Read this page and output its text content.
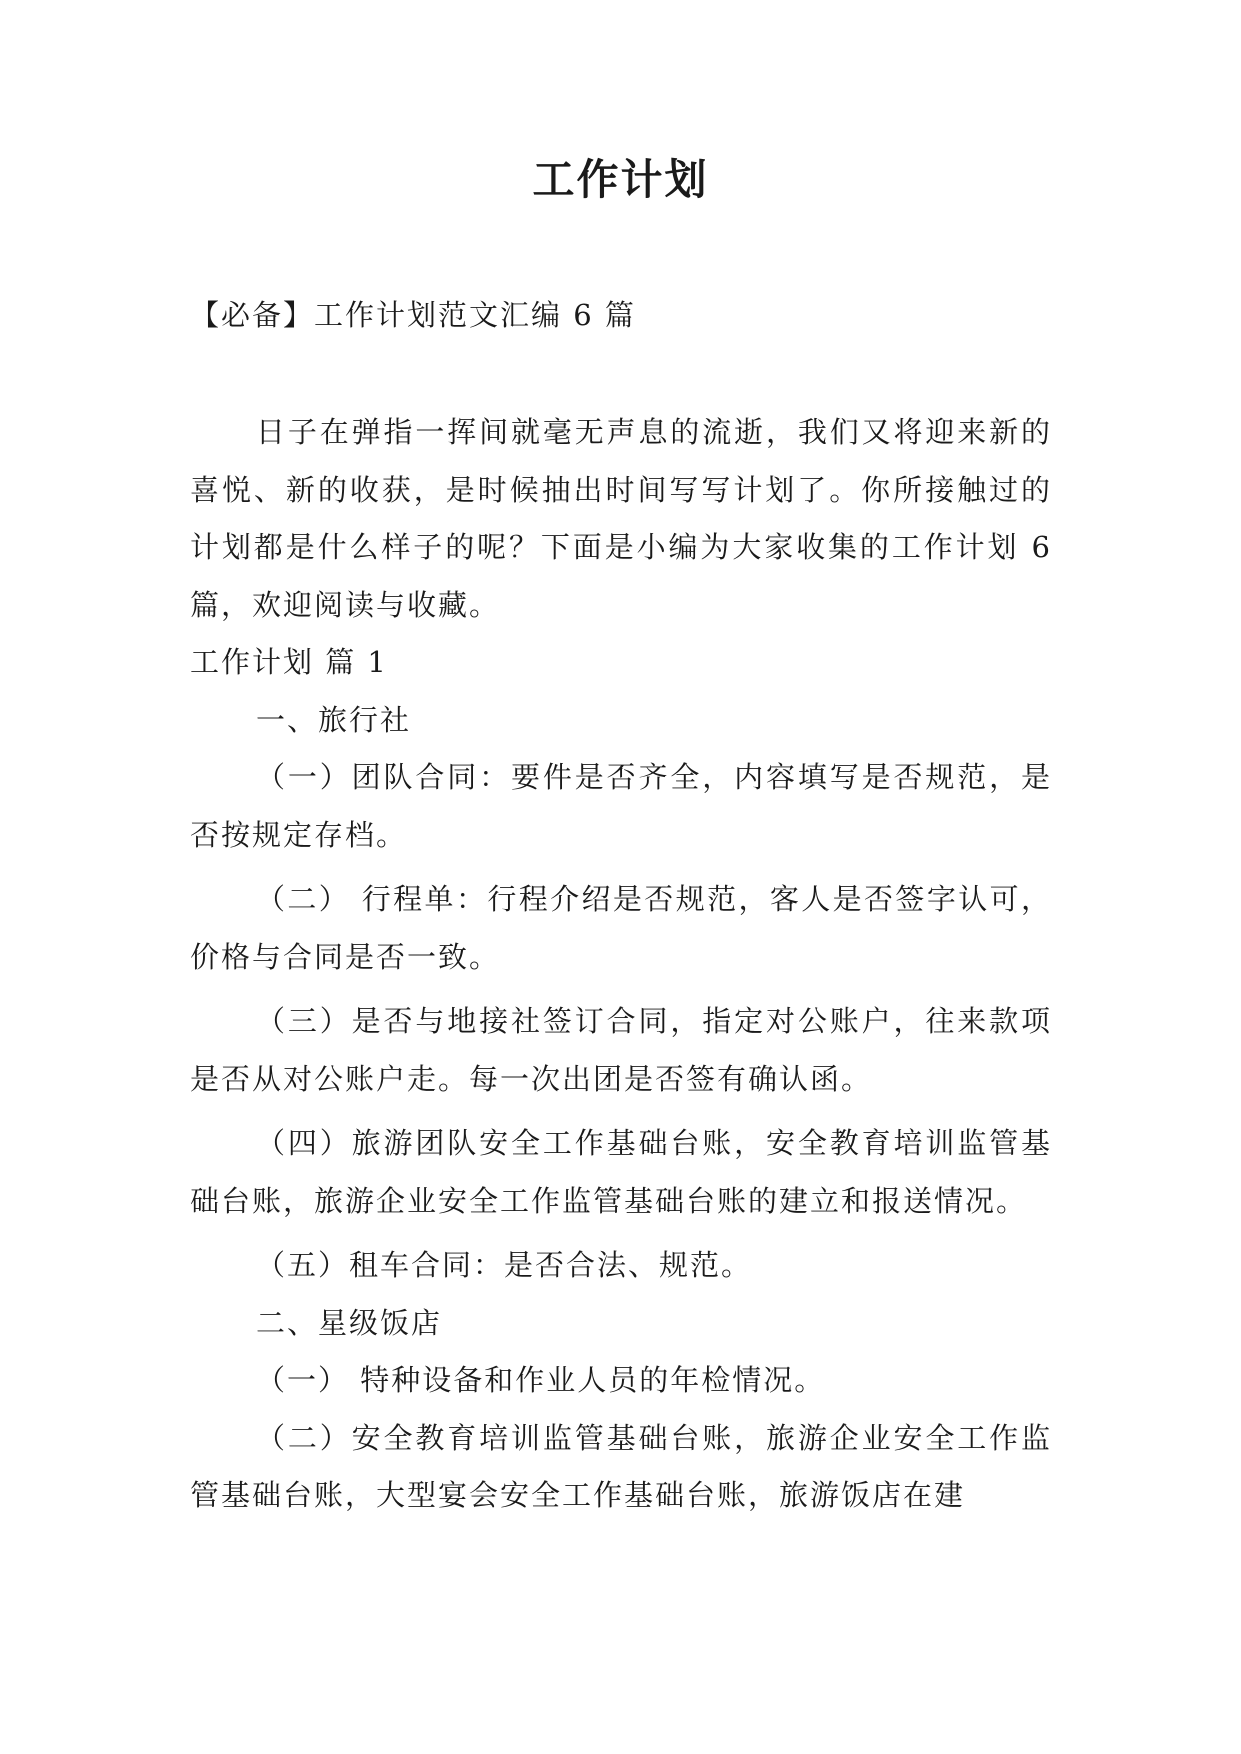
工作计划
【必备】工作计划范文汇编 6 篇

日子在弹指一挥间就毫无声息的流逝，我们又将迎来新的喜悦、新的收获，是时候抽出时间写写计划了。你所接触过的计划都是什么样子的呢？下面是小编为大家收集的工作计划 6 篇，欢迎阅读与收藏。

工作计划 篇 1

一、旅行社

（一）团队合同：要件是否齐全，内容填写是否规范，是否按规定存档。

（二） 行程单：行程介绍是否规范，客人是否签字认可，价格与合同是否一致。

（三）是否与地接社签订合同，指定对公账户，往来款项是否从对公账户走。每一次出团是否签有确认函。

（四）旅游团队安全工作基础台账，安全教育培训监管基础台账，旅游企业安全工作监管基础台账的建立和报送情况。

（五）租车合同：是否合法、规范。

二、星级饭店

（一） 特种设备和作业人员的年检情况。

（二）安全教育培训监管基础台账，旅游企业安全工作监管基础台账，大型宴会安全工作基础台账，旅游饭店在建
